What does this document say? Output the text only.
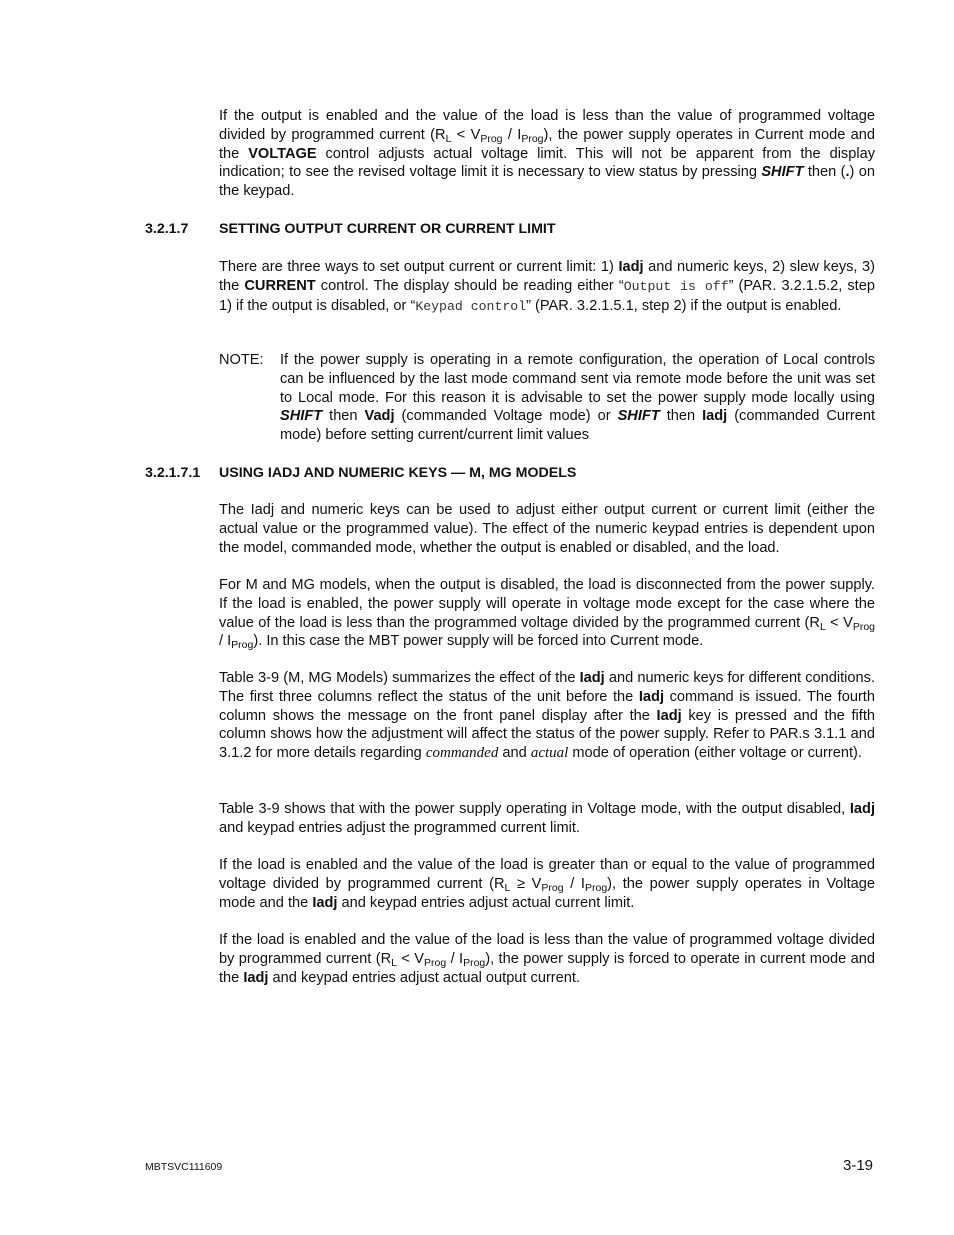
If the output is enabled and the value of the load is less than the value of programmed voltage divided by programmed current $(R_L < V_{Prog} / I_{Prog})$, the power supply operates in Current mode and the VOLTAGE control adjusts actual voltage limit. This will not be apparent from the display indication; to see the revised voltage limit it is necessary to view status by pressing SHIFT then (.) on the keypad.

3.2.1.7 SETTING OUTPUT CURRENT OR CURRENT LIMIT

There are three ways to set output current or current limit: 1) Iadj and numeric keys, 2) slew keys, 3) the CURRENT control. The display should be reading either “Output is off” (PAR. 3.2.1.5.2, step 1) if the output is disabled, or “Keypad control” (PAR. 3.2.1.5.1, step 2) if the output is enabled.

NOTE: If the power supply is operating in a remote configuration, the operation of Local controls can be influenced by the last mode command sent via remote mode before the unit was set to Local mode. For this reason it is advisable to set the power supply mode locally using SHIFT then Vadj (commanded Voltage mode) or SHIFT then Iadj (commanded Current mode) before setting current/current limit values
3.2.1.7.1 USING IADJ AND NUMERIC KEYS — M, MG MODELS

The Iadj and numeric keys can be used to adjust either output current or current limit (either the actual value or the programmed value). The effect of the numeric keypad entries is dependent upon the model, commanded mode, whether the output is enabled or disabled, and the load.

For M and MG models, when the output is disabled, the load is disconnected from the power supply. If the load is enabled, the power supply will operate in voltage mode except for the case where the value of the load is less than the programmed voltage divided by the programmed current $(R_L < V_{Prog} / I_{Prog})$. In this case the MBT power supply will be forced into Current mode.

Table 3-9 (M, MG Models) summarizes the effect of the Iadj and numeric keys for different conditions. The first three columns reflect the status of the unit before the Iadj command is issued. The fourth column shows the message on the front panel display after the Iadj key is pressed and the fifth column shows how the adjustment will affect the status of the power supply. Refer to PAR.s 3.1.1 and 3.1.2 for more details regarding commanded and actual mode of operation (either voltage or current).

Table 3-9 shows that with the power supply operating in Voltage mode, with the output disabled, Iadj and keypad entries adjust the programmed current limit.

If the load is enabled and the value of the load is greater than or equal to the value of programmed voltage divided by programmed current $(R_L \ge V_{Prog} / I_{Prog})$, the power supply operates in Voltage mode and the Iadj and keypad entries adjust actual current limit.

If the load is enabled and the value of the load is less than the value of programmed voltage divided by programmed current $(R_L < V_{Prog} / I_{Prog})$, the power supply is forced to operate in current mode and the Iadj and keypad entries adjust actual output current.

MBTSVC111609	3-19
